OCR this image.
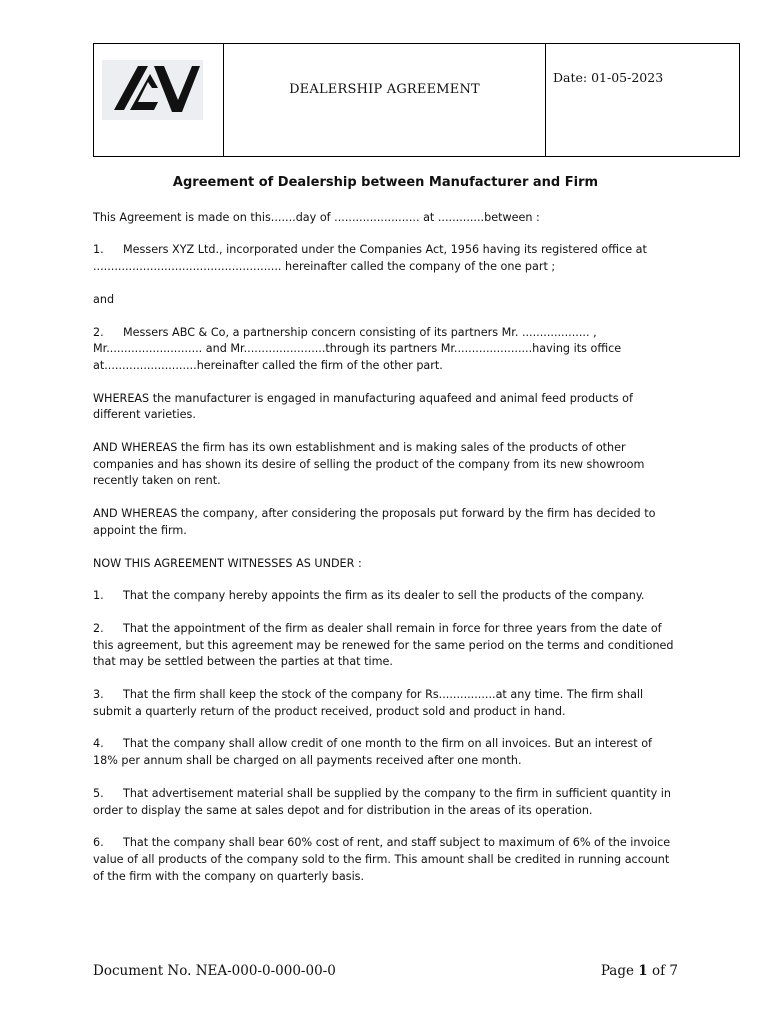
DEALERSHIP AGREEMENT
Date: 01-05-2023
Agreement of Dealership between Manufacturer and Firm

This Agreement is made on this.......day of ........................ at .............between :

1. Messers XYZ Ltd., incorporated under the Companies Act, 1956 having its registered office at ..................................................... hereinafter called the company of the one part ;

and

2. Messers ABC & Co, a partnership concern consisting of its partners Mr. ................... , Mr........................... and Mr.......................through its partners Mr......................having its office at..........................hereinafter called the firm of the other part.

WHEREAS the manufacturer is engaged in manufacturing aquafeed and animal feed products of different varieties.

AND WHEREAS the firm has its own establishment and is making sales of the products of other companies and has shown its desire of selling the product of the company from its new showroom recently taken on rent.

AND WHEREAS the company, after considering the proposals put forward by the firm has decided to appoint the firm.

NOW THIS AGREEMENT WITNESSES AS UNDER :

1. That the company hereby appoints the firm as its dealer to sell the products of the company.

2. That the appointment of the firm as dealer shall remain in force for three years from the date of this agreement, but this agreement may be renewed for the same period on the terms and conditioned that may be settled between the parties at that time.

3. That the firm shall keep the stock of the company for Rs................at any time. The firm shall submit a quarterly return of the product received, product sold and product in hand.

4. That the company shall allow credit of one month to the firm on all invoices. But an interest of 18% per annum shall be charged on all payments received after one month.

5. That advertisement material shall be supplied by the company to the firm in sufficient quantity in order to display the same at sales depot and for distribution in the areas of its operation.

6. That the company shall bear 60% cost of rent, and staff subject to maximum of 6% of the invoice value of all products of the company sold to the firm. This amount shall be credited in running account of the firm with the company on quarterly basis.

Document No. NEA-000-0-000-00-0	Page 1 of 7
